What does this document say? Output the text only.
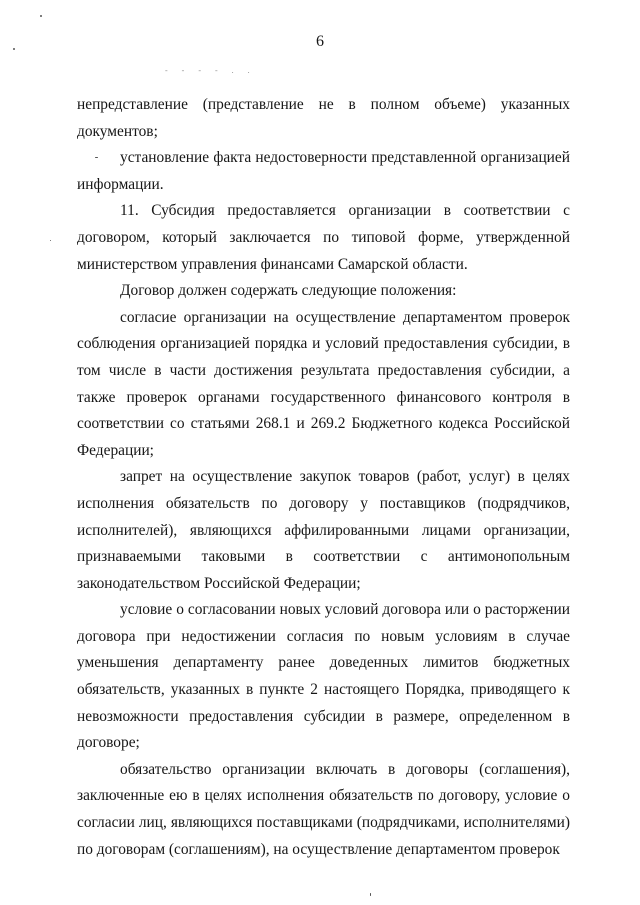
6
- - - - . .

непредставление (представление не в полном объеме) указанных документов;

установление факта недостоверности представленной организацией информации.

11. Субсидия предоставляется организации в соответствии с договором, который заключается по типовой форме, утвержденной министерством управления финансами Самарской области.

Договор должен содержать следующие положения:

согласие организации на осуществление департаментом проверок соблюдения организацией порядка и условий предоставления субсидии, в том числе в части достижения результата предоставления субсидии, а также проверок органами государственного финансового контроля в соответствии со статьями 268.1 и 269.2 Бюджетного кодекса Российской Федерации;

запрет на осуществление закупок товаров (работ, услуг) в целях исполнения обязательств по договору у поставщиков (подрядчиков, исполнителей), являющихся аффилированными лицами организации, признаваемыми таковыми в соответствии с антимонопольным законодательством Российской Федерации;

условие о согласовании новых условий договора или о расторжении договора при недостижении согласия по новым условиям в случае уменьшения департаменту ранее доведенных лимитов бюджетных обязательств, указанных в пункте 2 настоящего Порядка, приводящего к невозможности предоставления субсидии в размере, определенном в договоре;

обязательство организации включать в договоры (соглашения), заключенные ею в целях исполнения обязательств по договору, условие о согласии лиц, являющихся поставщиками (подрядчиками, исполнителями) по договорам (соглашениям), на осуществление департаментом проверок
